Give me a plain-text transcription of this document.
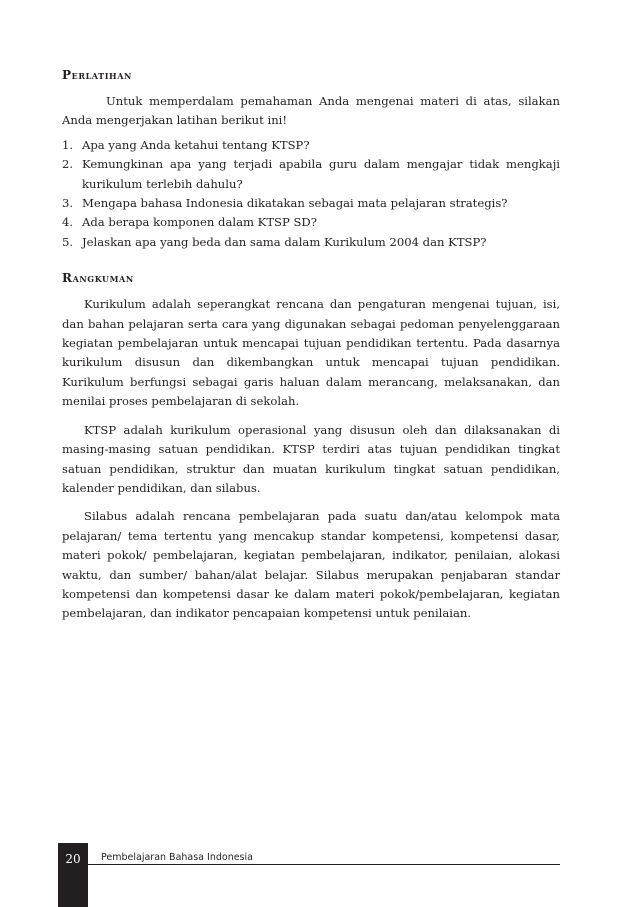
Perlatihan

Untuk memperdalam pemahaman Anda mengenai materi di atas, silakan Anda mengerjakan latihan berikut ini!

1. Apa yang Anda ketahui tentang KTSP?
2. Kemungkinan apa yang terjadi apabila guru dalam mengajar tidak mengkaji kurikulum terlebih dahulu?
3. Mengapa bahasa Indonesia dikatakan sebagai mata pelajaran strategis?
4. Ada berapa komponen dalam KTSP SD?
5. Jelaskan apa yang beda dan sama dalam Kurikulum 2004 dan KTSP?
Rangkuman

Kurikulum adalah seperangkat rencana dan pengaturan mengenai tujuan, isi, dan bahan pelajaran serta cara yang digunakan sebagai pedoman penyelenggaraan kegiatan pembelajaran untuk mencapai tujuan pendidikan tertentu. Pada dasarnya kurikulum disusun dan dikembangkan untuk mencapai tujuan pendidikan. Kurikulum berfungsi sebagai garis haluan dalam merancang, melaksanakan, dan menilai proses pembelajaran di sekolah.

KTSP adalah kurikulum operasional yang disusun oleh dan dilaksanakan di masing-masing satuan pendidikan. KTSP terdiri atas tujuan pendidikan tingkat satuan pendidikan, struktur dan muatan kurikulum tingkat satuan pendidikan, kalender pendidikan, dan silabus.

Silabus adalah rencana pembelajaran pada suatu dan/atau kelompok mata pelajaran/ tema tertentu yang mencakup standar kompetensi, kompetensi dasar, materi pokok/ pembelajaran, kegiatan pembelajaran, indikator, penilaian, alokasi waktu, dan sumber/ bahan/alat belajar. Silabus merupakan penjabaran standar kompetensi dan kompetensi dasar ke dalam materi pokok/pembelajaran, kegiatan pembelajaran, dan indikator pencapaian kompetensi untuk penilaian.

20	Pembelajaran Bahasa Indonesia
